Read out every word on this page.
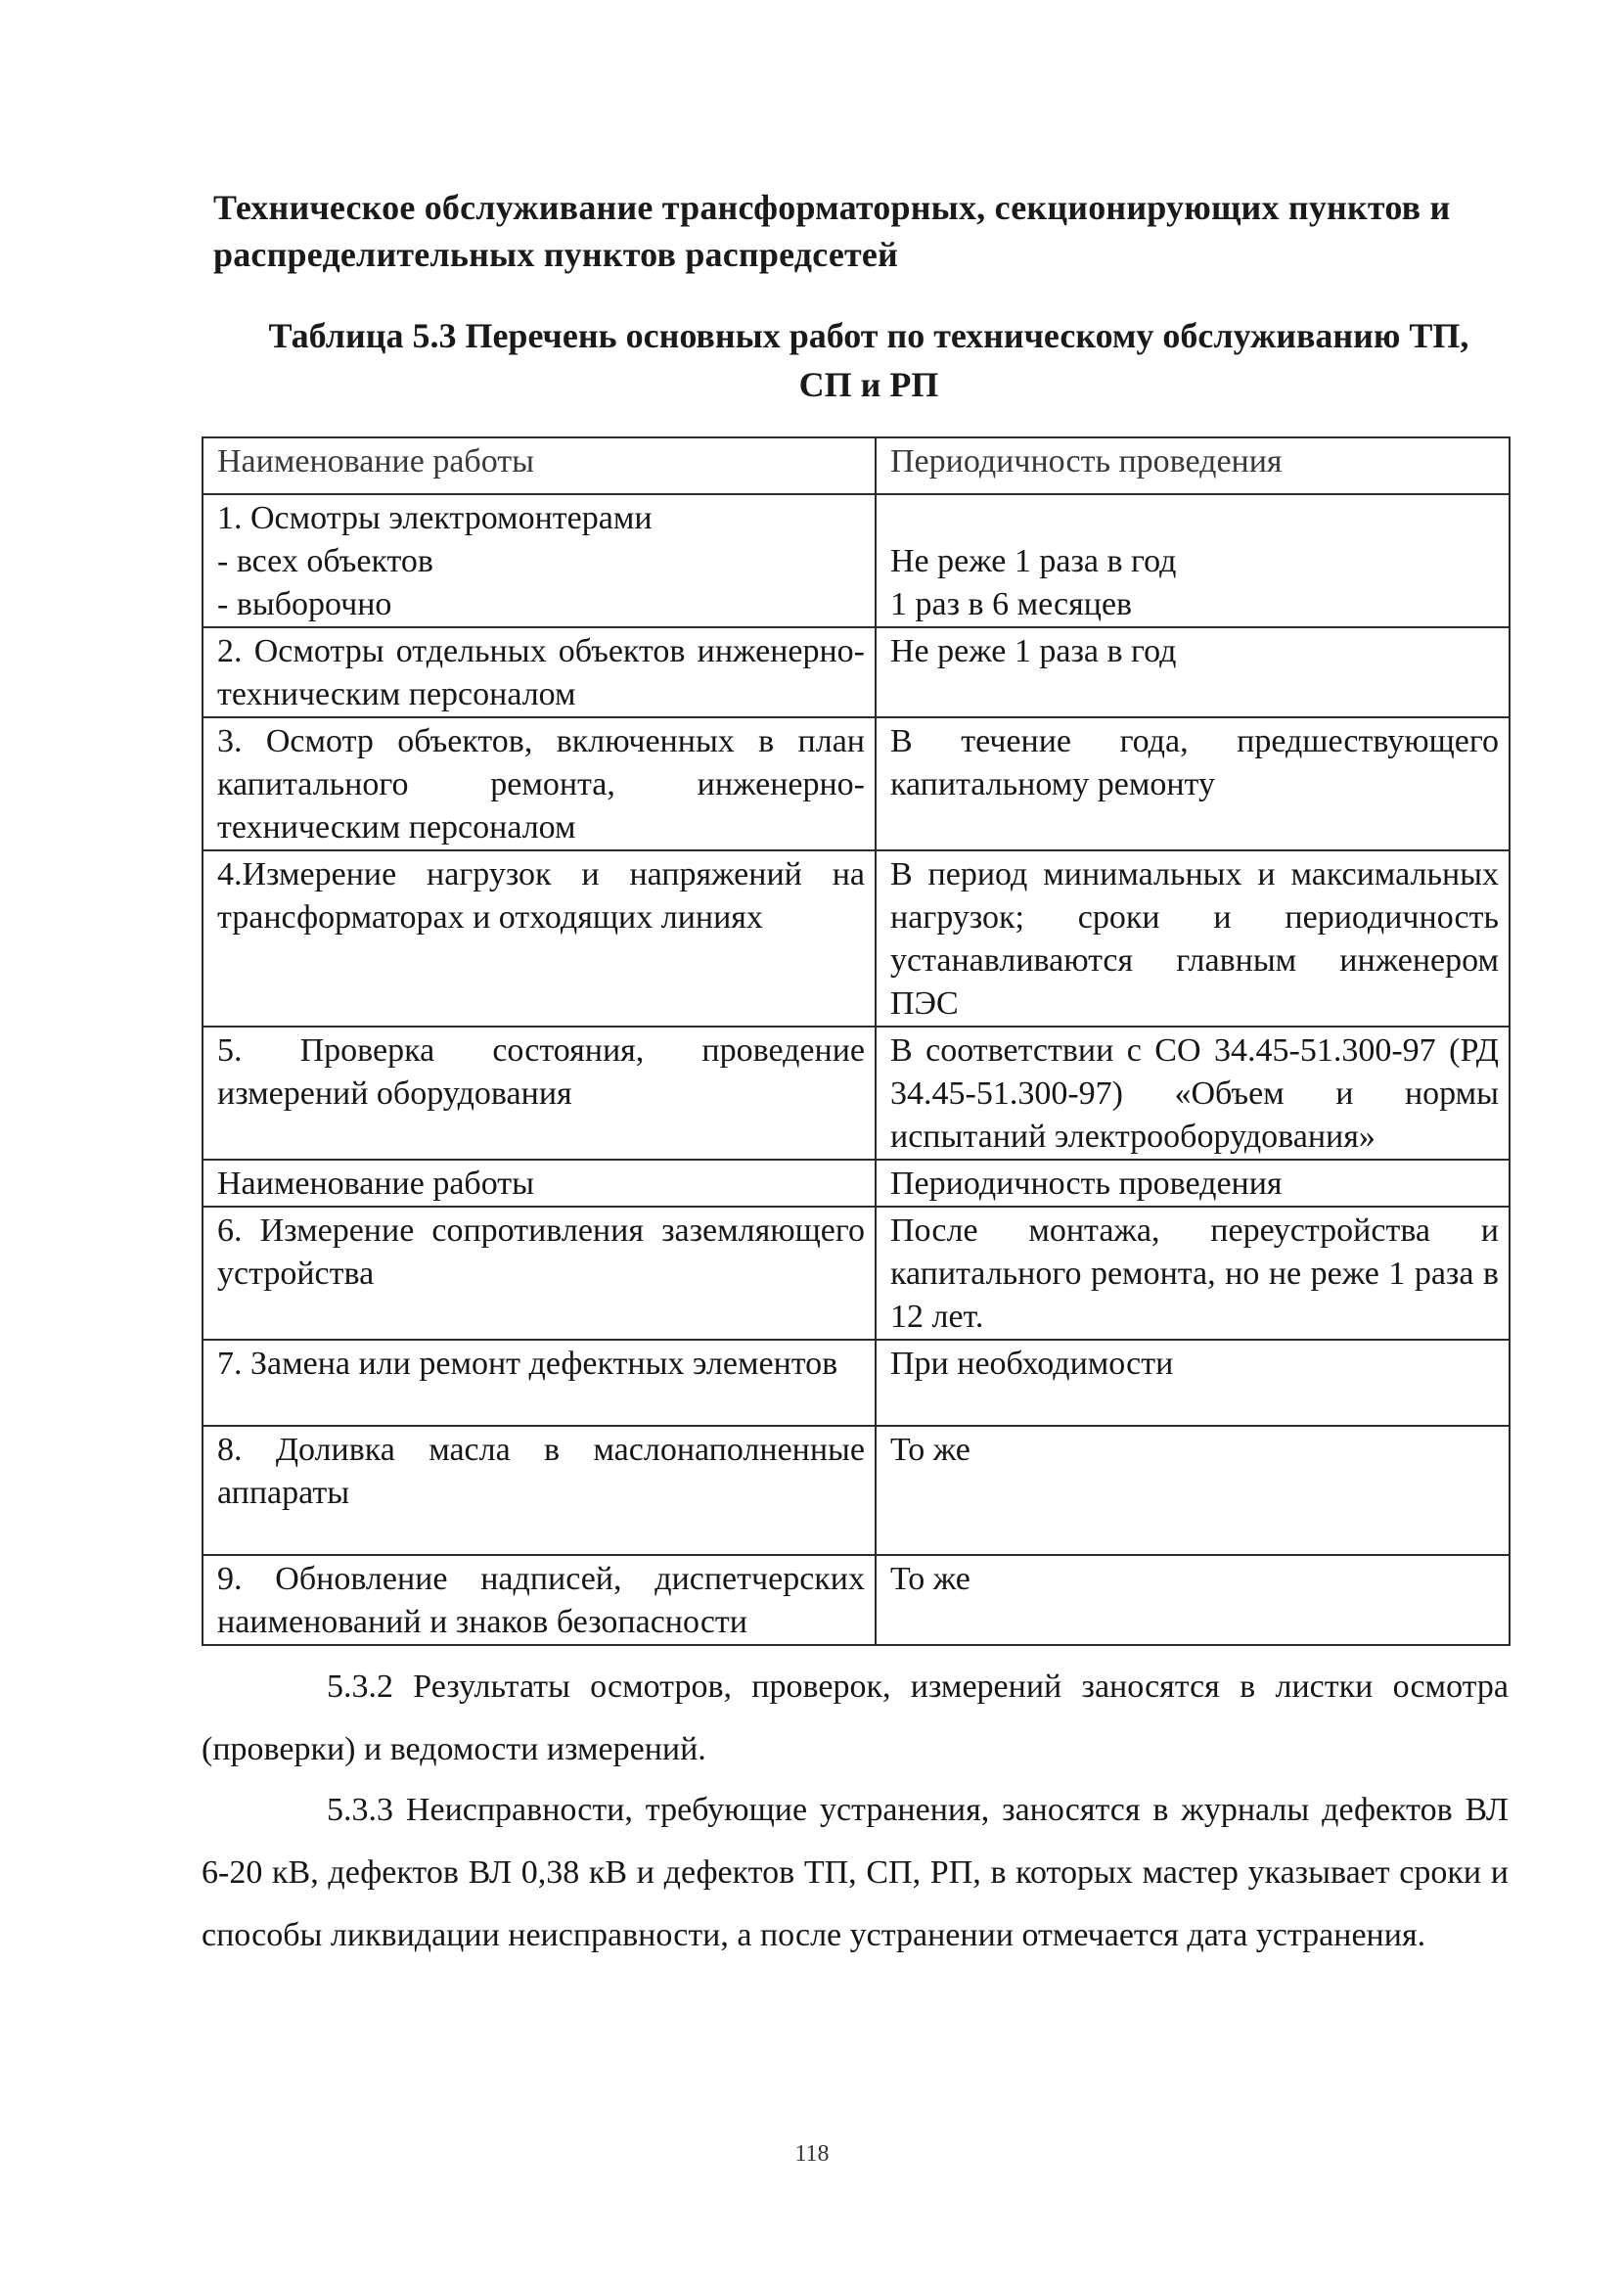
Техническое обслуживание трансформаторных, секционирующих пунктов и распределительных пунктов распредсетей
Таблица 5.3 Перечень основных работ по техническому обслуживанию ТП,
СП и РП
Наименование работы	Периодичность проведения

1. Осмотры электромонтерами
- всех объектов
- выборочно	Не реже 1 раза в год
1 раз в 6 месяцев

2. Осмотры отдельных объектов инженерно-техническим персоналом	Не реже 1 раза в год
3. Осмотр объектов, включенных в план капитального ремонта, инженерно-техническим персоналом	В течение года, предшествующего капитальному ремонту
4.Измерение нагрузок и напряжений на трансформаторах и отходящих линиях	В период минимальных и максимальных нагрузок; сроки и периодичность устанавливаются главным инженером ПЭС
5. Проверка состояния, проведение измерений оборудования	В соответствии с СО 34.45-51.300-97 (РД 34.45-51.300-97) «Объем и нормы испытаний электрооборудования»
Наименование работы	Периодичность проведения
6. Измерение сопротивления заземляющего устройства	После монтажа, переустройства и капитального ремонта, но не реже 1 раза в 12 лет.
7. Замена или ремонт дефектных элементов	При необходимости
8. Доливка масла в маслонаполненные аппараты	То же
9. Обновление надписей, диспетчерских наименований и знаков безопасности	То же
5.3.2 Результаты осмотров, проверок, измерений заносятся в листки осмотра (проверки) и ведомости измерений.
5.3.3 Неисправности, требующие устранения, заносятся в журналы дефектов ВЛ 6-20 кВ, дефектов ВЛ 0,38 кВ и дефектов ТП, СП, РП, в которых мастер указывает сроки и способы ликвидации неисправности, а после устранении отмечается дата устранения.
118
